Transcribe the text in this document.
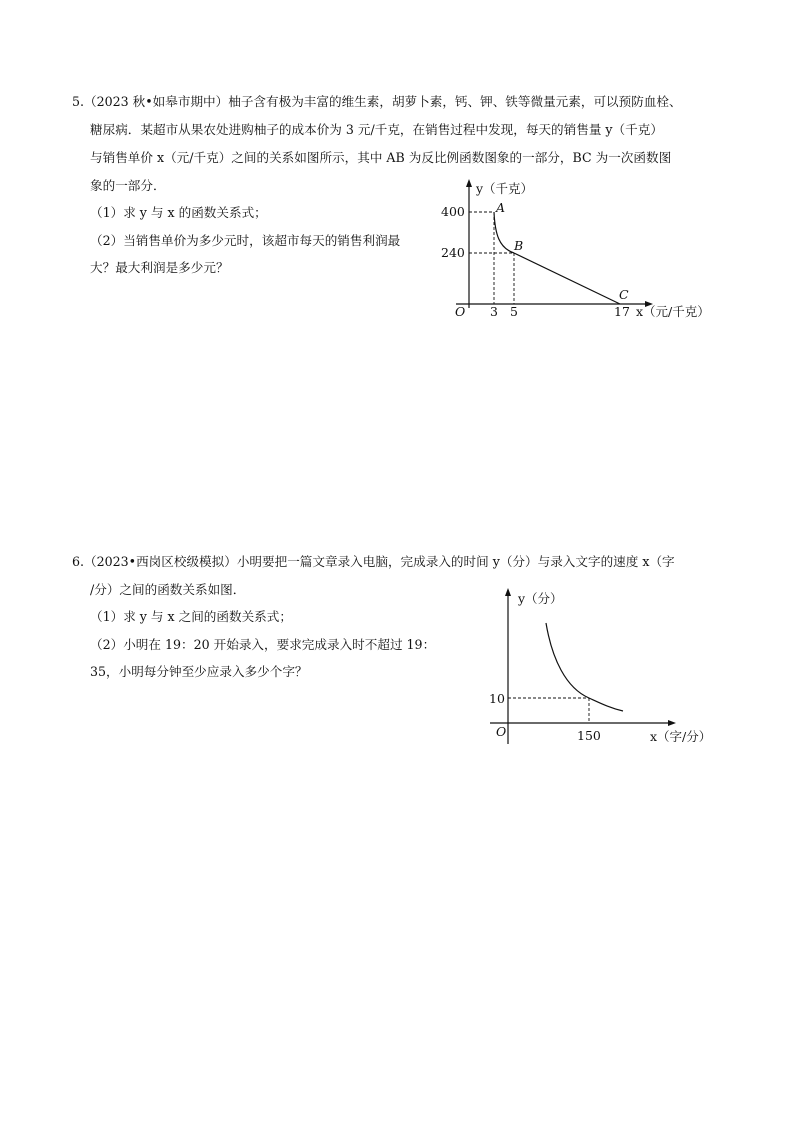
5.（2023 秋•如皋市期中）柚子含有极为丰富的维生素，胡萝卜素，钙、钾、铁等微量元素，可以预防血栓、
糖尿病．某超市从果农处进购柚子的成本价为 3 元/千克，在销售过程中发现，每天的销售量 y（千克）
与销售单价 x（元/千克）之间的关系如图所示，其中 AB 为反比例函数图象的一部分，BC 为一次函数图
象的一部分．
（1）求 y 与 x 的函数关系式；
（2）当销售单价为多少元时，该超市每天的销售利润最
大？最大利润是多少元？
y（千克）
x（元/千克）
O
400
240
3 5	17
A
B
C
6.（2023•西岗区校级模拟）小明要把一篇文章录入电脑，完成录入的时间 y（分）与录入文字的速度 x（字
/分）之间的函数关系如图．
（1）求 y 与 x 之间的函数关系式；
（2）小明在 19：20 开始录入，要求完成录入时不超过 19：
35，小明每分钟至少应录入多少个字？
y（分）
x（字/分）
O
10
150
